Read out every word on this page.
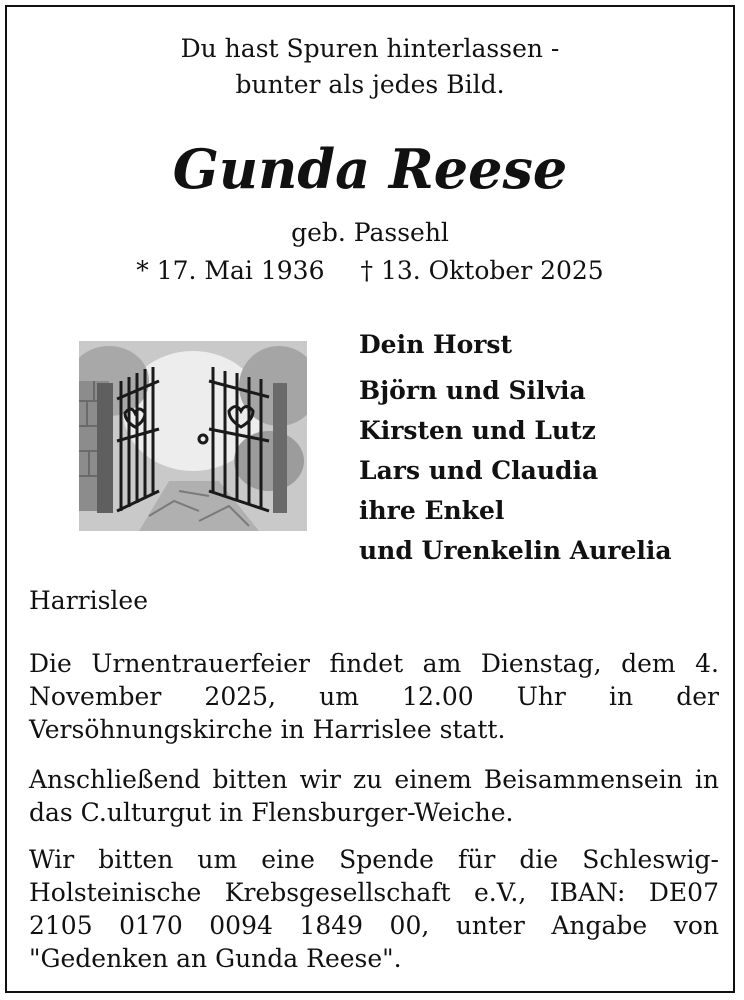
Du hast Spuren hinterlassen -
bunter als jedes Bild.
Gunda Reese
geb. Passehl
* 17. Mai 1936 † 13. Oktober 2025
Dein Horst
Björn und Silvia
Kirsten und Lutz
Lars und Claudia
ihre Enkel
und Urenkelin Aurelia
Harrislee
Die Urnentrauerfeier findet am Dienstag, dem 4. November 2025, um 12.00 Uhr in der Versöhnungskirche in Harrislee statt.
Anschließend bitten wir zu einem Beisammensein in das C.ulturgut in Flensburger-Weiche.
Wir bitten um eine Spende für die Schleswig-Holsteinische Krebsgesellschaft e.V., IBAN: DE07 2105 0170 0094 1849 00, unter Angabe von "Gedenken an Gunda Reese".
